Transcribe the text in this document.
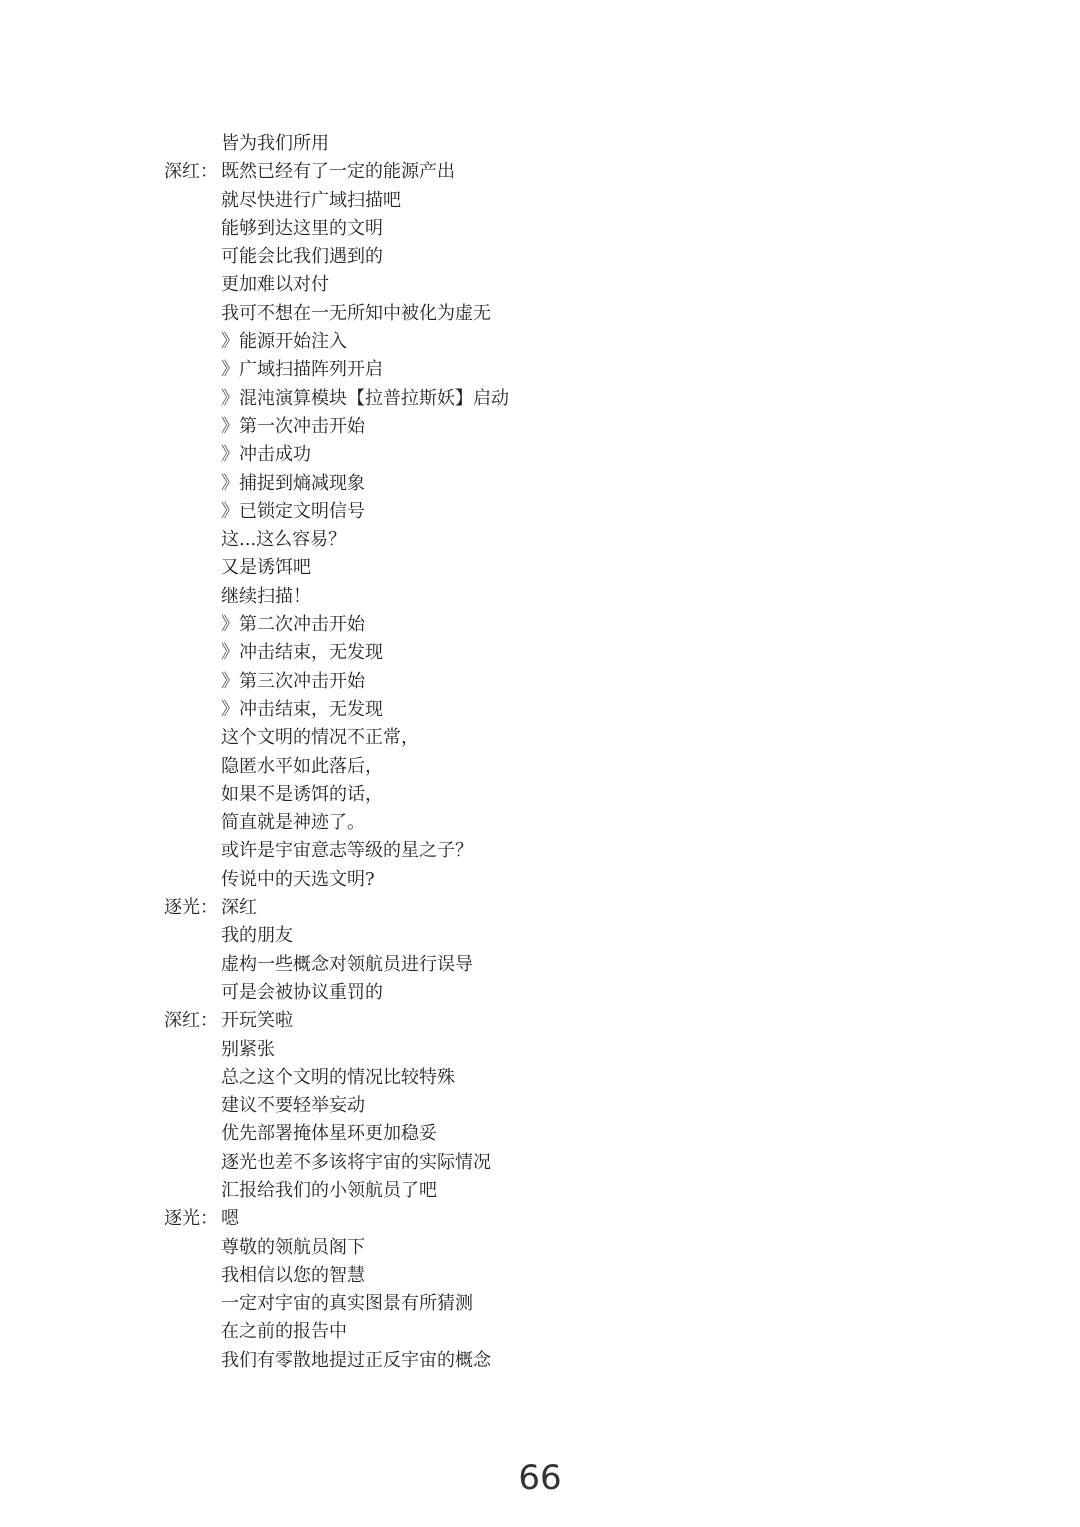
皆为我们所用
深红： 既然已经有了一定的能源产出
就尽快进行广域扫描吧
能够到达这里的文明
可能会比我们遇到的
更加难以对付
我可不想在一无所知中被化为虚无
》能源开始注入
》广域扫描阵列开启
》混沌演算模块【拉普拉斯妖】启动
》第一次冲击开始
》冲击成功
》捕捉到熵减现象
》已锁定文明信号
这...这么容易？
又是诱饵吧
继续扫描！
》第二次冲击开始
》冲击结束，无发现
》第三次冲击开始
》冲击结束，无发现
这个文明的情况不正常，
隐匿水平如此落后，
如果不是诱饵的话，
简直就是神迹了。
或许是宇宙意志等级的星之子？
传说中的天选文明?
逐光： 深红
我的朋友
虚构一些概念对领航员进行误导
可是会被协议重罚的
深红： 开玩笑啦
别紧张
总之这个文明的情况比较特殊
建议不要轻举妄动
优先部署掩体星环更加稳妥
逐光也差不多该将宇宙的实际情况
汇报给我们的小领航员了吧
逐光： 嗯
尊敬的领航员阁下
我相信以您的智慧
一定对宇宙的真实图景有所猜测
在之前的报告中
我们有零散地提过正反宇宙的概念
66
